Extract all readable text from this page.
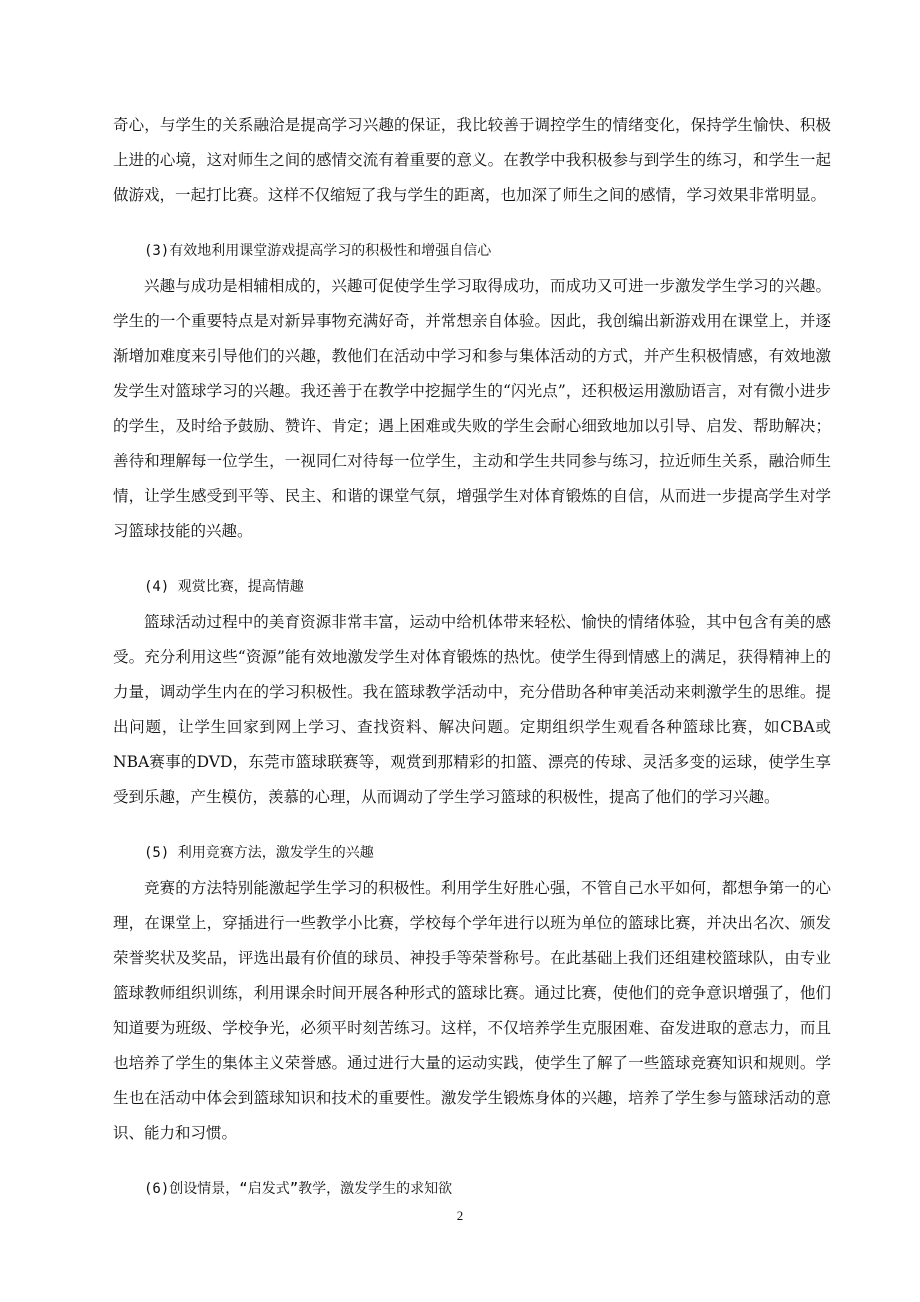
奇心，与学生的关系融洽是提高学习兴趣的保证，我比较善于调控学生的情绪变化，保持学生愉快、积极上进的心境，这对师生之间的感情交流有着重要的意义。在教学中我积极参与到学生的练习，和学生一起做游戏，一起打比赛。这样不仅缩短了我与学生的距离，也加深了师生之间的感情，学习效果非常明显。

(3)有效地利用课堂游戏提高学习的积极性和增强自信心

兴趣与成功是相辅相成的，兴趣可促使学生学习取得成功，而成功又可进一步激发学生学习的兴趣。学生的一个重要特点是对新异事物充满好奇，并常想亲自体验。因此，我创编出新游戏用在课堂上，并逐渐增加难度来引导他们的兴趣，教他们在活动中学习和参与集体活动的方式，并产生积极情感，有效地激发学生对篮球学习的兴趣。我还善于在教学中挖掘学生的“闪光点”，还积极运用激励语言，对有微小进步的学生，及时给予鼓励、赞许、肯定；遇上困难或失败的学生会耐心细致地加以引导、启发、帮助解决；善待和理解每一位学生，一视同仁对待每一位学生，主动和学生共同参与练习，拉近师生关系，融洽师生情，让学生感受到平等、民主、和谐的课堂气氛，增强学生对体育锻炼的自信，从而进一步提高学生对学习篮球技能的兴趣。

(4) 观赏比赛，提高情趣

篮球活动过程中的美育资源非常丰富，运动中给机体带来轻松、愉快的情绪体验，其中包含有美的感受。充分利用这些“资源”能有效地激发学生对体育锻炼的热忱。使学生得到情感上的满足，获得精神上的力量，调动学生内在的学习积极性。我在篮球教学活动中，充分借助各种审美活动来刺激学生的思维。提出问题，让学生回家到网上学习、查找资料、解决问题。定期组织学生观看各种篮球比赛，如CBA或NBA赛事的DVD，东莞市篮球联赛等，观赏到那精彩的扣篮、漂亮的传球、灵活多变的运球，使学生享受到乐趣，产生模仿，羡慕的心理，从而调动了学生学习篮球的积极性，提高了他们的学习兴趣。

(5) 利用竞赛方法，激发学生的兴趣

竞赛的方法特别能激起学生学习的积极性。利用学生好胜心强，不管自己水平如何，都想争第一的心理，在课堂上，穿插进行一些教学小比赛，学校每个学年进行以班为单位的篮球比赛，并决出名次、颁发荣誉奖状及奖品，评选出最有价值的球员、神投手等荣誉称号。在此基础上我们还组建校篮球队，由专业篮球教师组织训练，利用课余时间开展各种形式的篮球比赛。通过比赛，使他们的竞争意识增强了，他们知道要为班级、学校争光，必须平时刻苦练习。这样，不仅培养学生克服困难、奋发进取的意志力，而且也培养了学生的集体主义荣誉感。通过进行大量的运动实践，使学生了解了一些篮球竞赛知识和规则。学生也在活动中体会到篮球知识和技术的重要性。激发学生锻炼身体的兴趣，培养了学生参与篮球活动的意识、能力和习惯。

(6)创设情景，“启发式”教学，激发学生的求知欲

2
